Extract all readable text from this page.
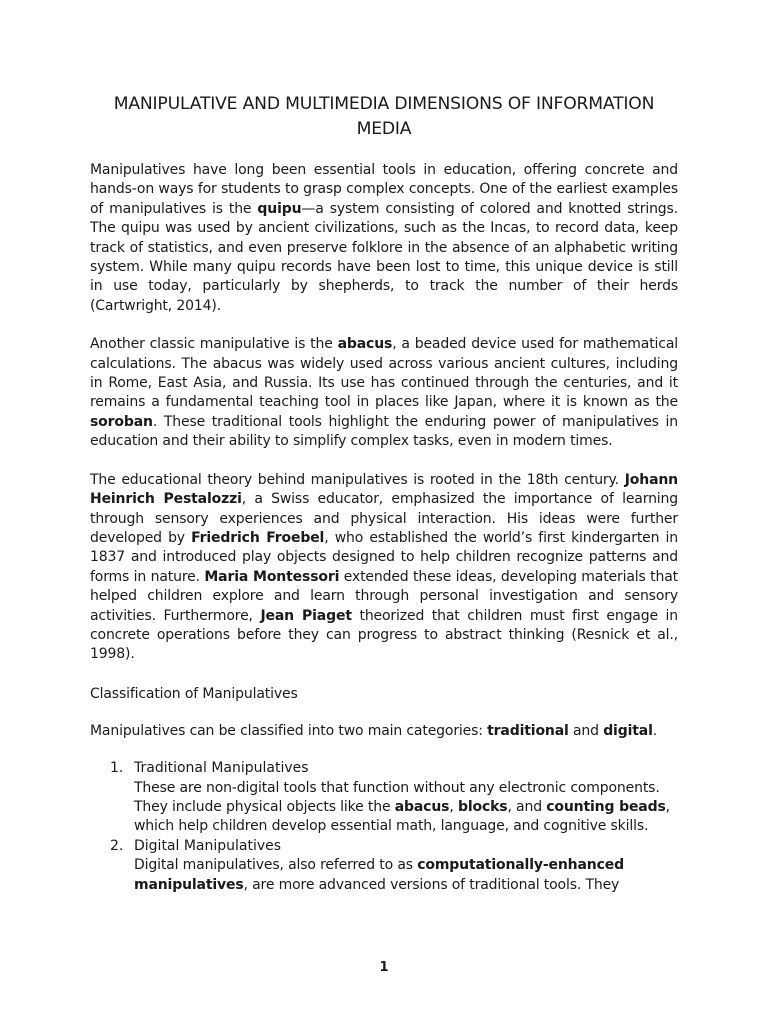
MANIPULATIVE AND MULTIMEDIA DIMENSIONS OF INFORMATION MEDIA

Manipulatives have long been essential tools in education, offering concrete and hands-on ways for students to grasp complex concepts. One of the earliest examples of manipulatives is the quipu—a system consisting of colored and knotted strings. The quipu was used by ancient civilizations, such as the Incas, to record data, keep track of statistics, and even preserve folklore in the absence of an alphabetic writing system. While many quipu records have been lost to time, this unique device is still in use today, particularly by shepherds, to track the number of their herds (Cartwright, 2014).

Another classic manipulative is the abacus, a beaded device used for mathematical calculations. The abacus was widely used across various ancient cultures, including in Rome, East Asia, and Russia. Its use has continued through the centuries, and it remains a fundamental teaching tool in places like Japan, where it is known as the soroban. These traditional tools highlight the enduring power of manipulatives in education and their ability to simplify complex tasks, even in modern times.

The educational theory behind manipulatives is rooted in the 18th century. Johann Heinrich Pestalozzi, a Swiss educator, emphasized the importance of learning through sensory experiences and physical interaction. His ideas were further developed by Friedrich Froebel, who established the world’s first kindergarten in 1837 and introduced play objects designed to help children recognize patterns and forms in nature. Maria Montessori extended these ideas, developing materials that helped children explore and learn through personal investigation and sensory activities. Furthermore, Jean Piaget theorized that children must first engage in concrete operations before they can progress to abstract thinking (Resnick et al., 1998).

Classification of Manipulatives

Manipulatives can be classified into two main categories: traditional and digital.

1. Traditional Manipulatives

These are non-digital tools that function without any electronic components. They include physical objects like the abacus, blocks, and counting beads, which help children develop essential math, language, and cognitive skills.

2. Digital Manipulatives

Digital manipulatives, also referred to as computationally-enhanced manipulatives, are more advanced versions of traditional tools. They

1
